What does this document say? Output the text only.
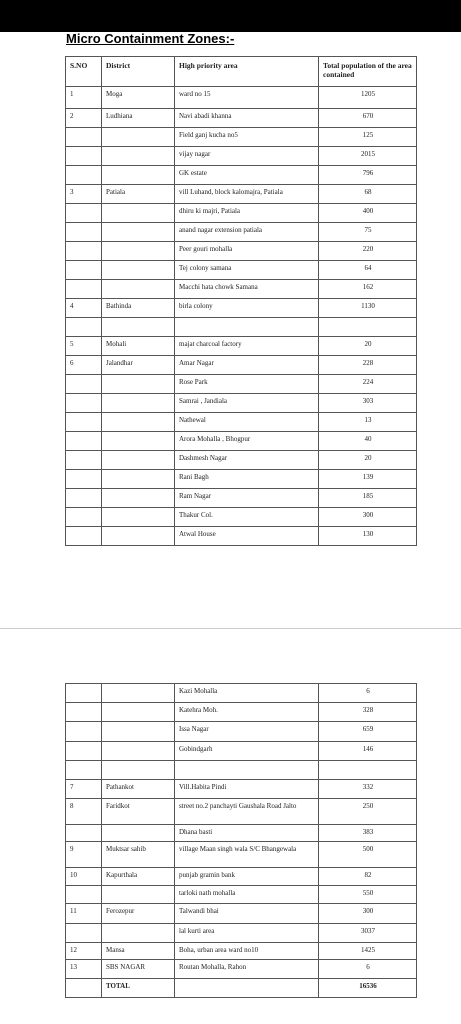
Micro Containment Zones:-
S.NO	District	High priority area	Total population of the area contained
1	Moga	ward no 15	1205
2	Ludhiana	Navi abadi khanna	670
		Field ganj kucha no5	125
		vijay nagar	2015
		GK estate	796
3	Patiala	vill Luhand, block kalomajra, Patiala	68
		dhiru ki majri, Patiala	400
		anand nagar extension patiala	75
		Peer gouri mohalla	220
		Tej colony samana	64
		Macchi hata chowk Samana	162
4	Bathinda	birla colony	1130

5	Mohali	majat charcoal factory	20
6	Jalandhar	Amar Nagar	228
		Rose Park	224
		Samrai , Jandiala	303
		Nathewal	13
		Arora Mohalla , Bhogpur	40
		Dashmesh Nagar	20
		Rani Bagh	139
		Ram Nagar	185
		Thakur Col.	300
		Atwal House	130
		Kazi Mohalla	6
		Katehra Moh.	328
		Issa Nagar	659
		Gobindgarh	146

7	Pathankot	Vill.Habita Pindi	332
8	Faridkot	street no.2 panchayti Gaushala Road Jalto	250
		Dhana basti	383
9	Muktsar sahib	village Maan singh wala S/C Bhangewala	500
10	Kapurthala	punjab gramin bank	82
		tarloki nath mohalla	550
11	Ferozepur	Talwandi bhai	300
		lal kurti area	3037
12	Mansa	Boha, urban area ward no10	1425
13	SBS NAGAR	Routan Mohalla, Rahon	6
	TOTAL		16536
